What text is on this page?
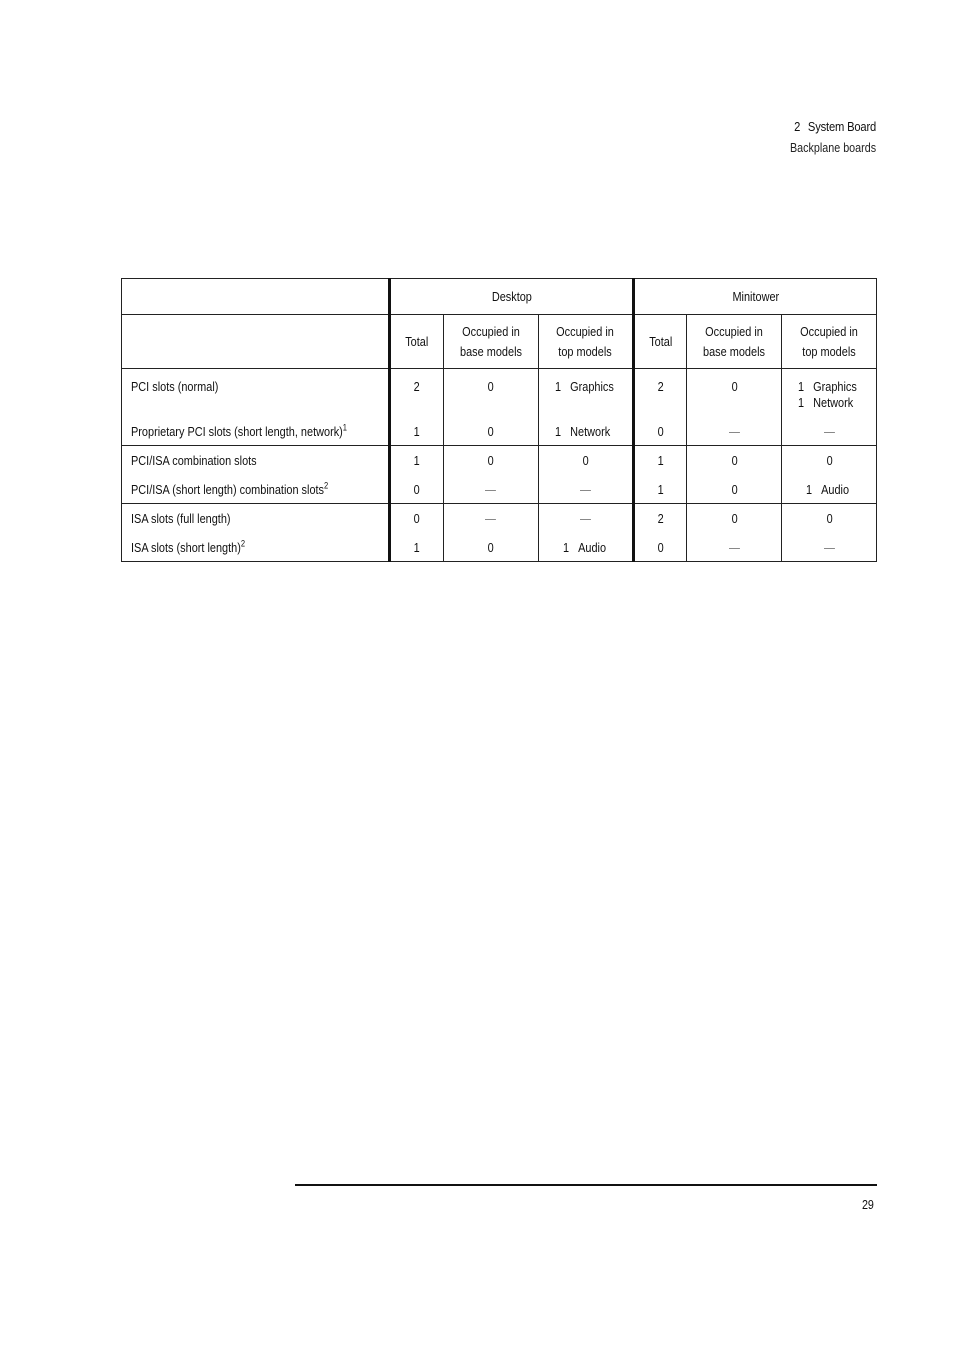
2 System Board
Backplane boards
	Desktop			Minitower		
	Total	Occupied in base models	Occupied in top models	Total	Occupied in base models	Occupied in top models
PCI slots (normal)	2	0	1 Graphics	2	0	1 Graphics
1 Network

Proprietary PCI slots (short length, network)$^1$	1	0	1 Network	0	—	—
PCI/ISA combination slots	1	0	0	1	0	0
PCI/ISA (short length) combination slots$^2$	0	—	—	1	0	1 Audio

ISA slots (full length)	0	—	—	2	0	0
ISA slots (short length)$^2$	1	0	1 Audio	0	—	—
29
